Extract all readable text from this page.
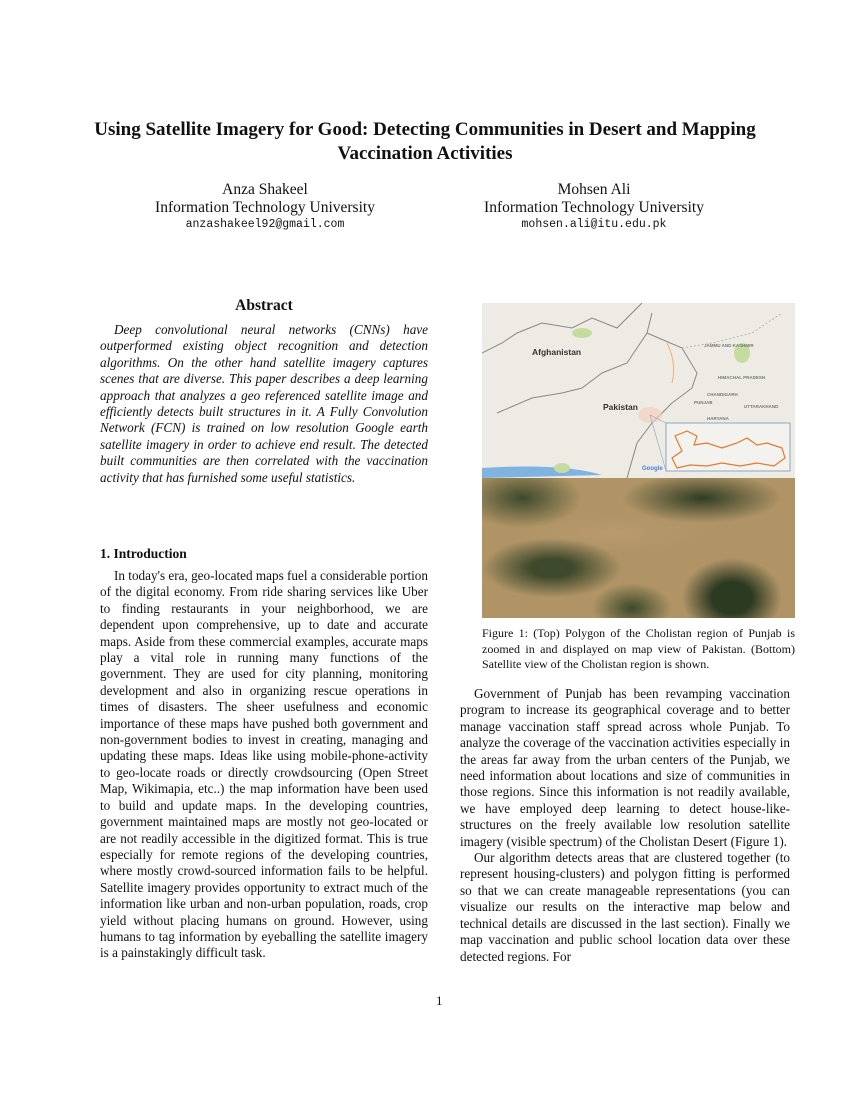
Using Satellite Imagery for Good: Detecting Communities in Desert and Mapping Vaccination Activities
Anza Shakeel
Information Technology University
anzashakeel92@gmail.com
Mohsen Ali
Information Technology University
mohsen.ali@itu.edu.pk
Abstract
Deep convolutional neural networks (CNNs) have outperformed existing object recognition and detection algorithms. On the other hand satellite imagery captures scenes that are diverse. This paper describes a deep learning approach that analyzes a geo referenced satellite image and efficiently detects built structures in it. A Fully Convolution Network (FCN) is trained on low resolution Google earth satellite imagery in order to achieve end result. The detected built communities are then correlated with the vaccination activity that has furnished some useful statistics.
1. Introduction
In today's era, geo-located maps fuel a considerable portion of the digital economy. From ride sharing services like Uber to finding restaurants in your neighborhood, we are dependent upon comprehensive, up to date and accurate maps. Aside from these commercial examples, accurate maps play a vital role in running many functions of the government. They are used for city planning, monitoring development and also in organizing rescue operations in times of disasters. The sheer usefulness and economic importance of these maps have pushed both government and non-government bodies to invest in creating, managing and updating these maps. Ideas like using mobile-phone-activity to geo-locate roads or directly crowdsourcing (Open Street Map, Wikimapia, etc..) the map information have been used to build and update maps. In the developing countries, government maintained maps are mostly not geo-located or are not readily accessible in the digitized format. This is true especially for remote regions of the developing countries, where mostly crowd-sourced information fails to be helpful. Satellite imagery provides opportunity to extract much of the information like urban and non-urban population, roads, crop yield without placing humans on ground. However, using humans to tag information by eyeballing the satellite imagery is a painstakingly difficult task.
Afghanistan
Pakistan
JAMMU AND KASHMIR
HIMACHAL PRADESH
PUNJAB
CHANDIGARH
UTTARAKHAND
HARYANA
Google
Figure 1: (Top) Polygon of the Cholistan region of Punjab is zoomed in and displayed on map view of Pakistan. (Bottom) Satellite view of the Cholistan region is shown.

Government of Punjab has been revamping vaccination program to increase its geographical coverage and to better manage vaccination staff spread across whole Punjab. To analyze the coverage of the vaccination activities especially in the areas far away from the urban centers of the Punjab, we need information about locations and size of communities in those regions. Since this information is not readily available, we have employed deep learning to detect house-like-structures on the freely available low resolution satellite imagery (visible spectrum) of the Cholistan Desert (Figure 1).

Our algorithm detects areas that are clustered together (to represent housing-clusters) and polygon fitting is performed so that we can create manageable representations (you can visualize our results on the interactive map below and technical details are discussed in the last section). Finally we map vaccination and public school location data over these detected regions. For

1
